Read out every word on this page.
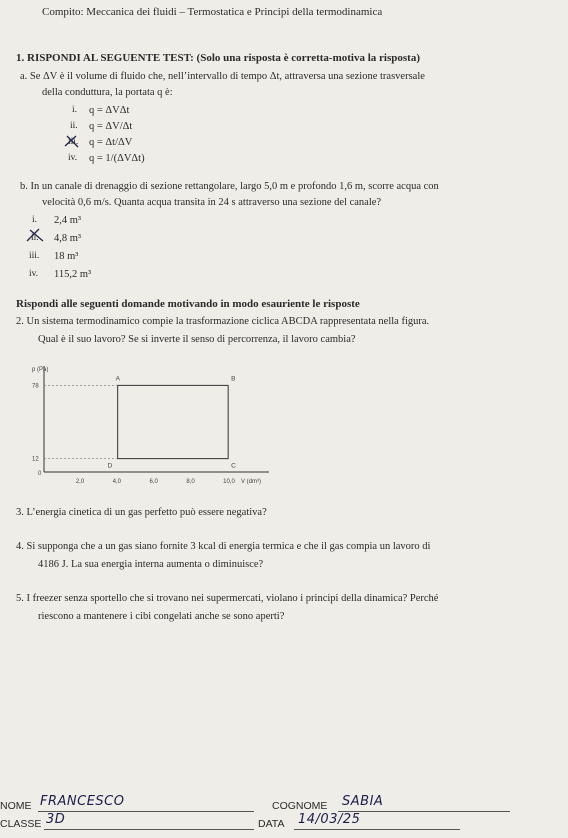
Compito: Meccanica dei fluidi – Termostatica e Principi della termodinamica
1. RISPONDI AL SEGUENTE TEST: (Solo una risposta è corretta-motiva la risposta)
a. Se ΔV è il volume di fluido che, nell’intervallo di tempo Δt, attraversa una sezione trasversale
della conduttura, la portata q è:
i. q = ΔVΔt
ii. q = ΔV/Δt
iii. q = Δt/ΔV
iv. q = 1/(ΔVΔt)
b. In un canale di drenaggio di sezione rettangolare, largo 5,0 m e profondo 1,6 m, scorre acqua con
velocità 0,6 m/s. Quanta acqua transita in 24 s attraverso una sezione del canale?
i. 2,4 m³
ii. 4,8 m³
iii. 18 m³
iv. 115,2 m³
Rispondi alle seguenti domande motivando in modo esauriente le risposte
2. Un sistema termodinamico compie la trasformazione ciclica ABCDA rappresentata nella figura.
Qual è il suo lavoro? Se si inverte il senso di percorrenza, il lavoro cambia?
p (Pa)
V (dm³)
0
12
78
2,0	4,0	6,0	8,0	10,0
A	B
C
D
3. L’energia cinetica di un gas perfetto può essere negativa?
4. Si supponga che a un gas siano fornite 3 kcal di energia termica e che il gas compia un lavoro di
4186 J. La sua energia interna aumenta o diminuisce?
5. I freezer senza sportello che si trovano nei supermercati, violano i principi della dinamica? Perché
riescono a mantenere i cibi congelati anche se sono aperti?
NOME FRANCESCO	COGNOME SABIA
CLASSE 3D	DATA 14/03/25
